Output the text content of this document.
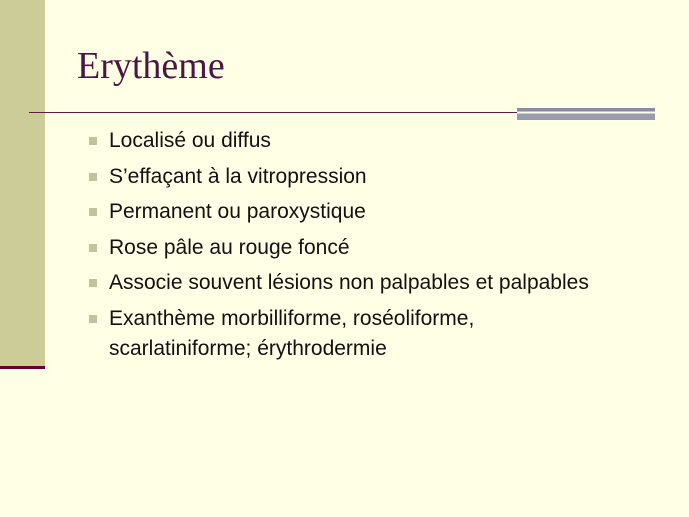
Erythème
Localisé ou diffus
S’effaçant à la vitropression
Permanent ou paroxystique
Rose pâle au rouge foncé
Associe souvent lésions non palpables et palpables
Exanthème morbilliforme, roséoliforme, scarlatiniforme; érythrodermie
